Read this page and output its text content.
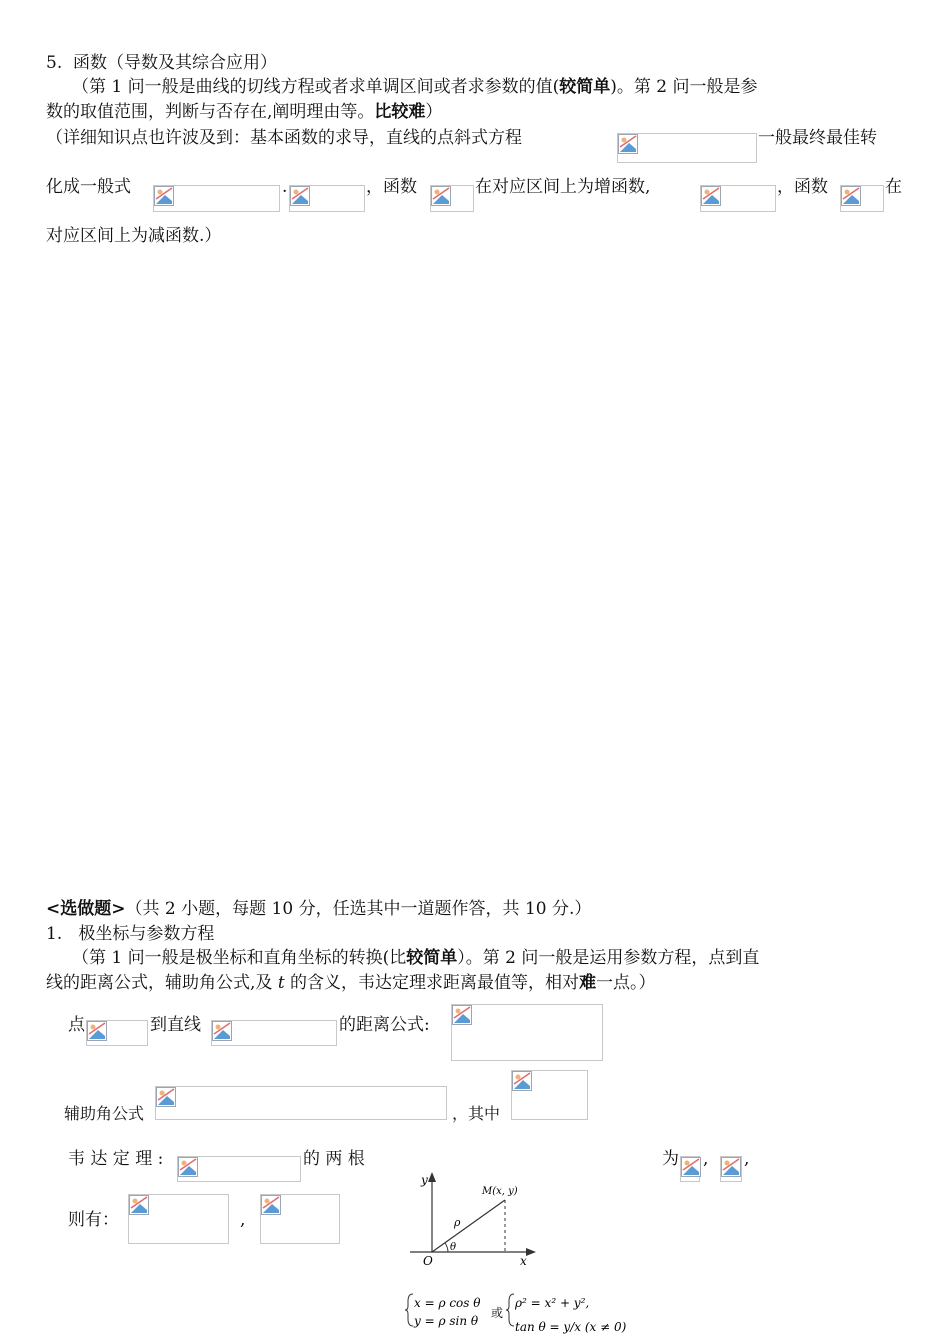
5.  函数（导数及其综合应用）
（第 1 问一般是曲线的切线方程或者求单调区间或者求参数的值(较简单)。第 2 问一般是参
数的取值范围，判断与否存在,阐明理由等。比较难）
（详细知识点也许波及到：基本函数的求导，直线的点斜式方程	一般最终最佳转
化成一般式	.	，函数	在对应区间上为增函数,	，函数	在
对应区间上为减函数.）
<选做题>（共 2 小题，每题 10 分，任选其中一道题作答，共 10 分.）
1.   极坐标与参数方程
（第 1 问一般是极坐标和直角坐标的转换(比较简单）。第 2 问一般是运用参数方程，点到直
线的距离公式，辅助角公式,及 t 的含义，韦达定理求距离最值等，相对难一点。）
点	到直线	的距离公式:
辅助角公式	，其中
韦 达 定 理 :	的 两 根	为 , ,
则有：	,
y
x
O
M(x, y)
ρ
θ
x = ρ cos θ
y = ρ sin θ
或
ρ² = x² + y²,
tan θ = y/x (x ≠ 0)
